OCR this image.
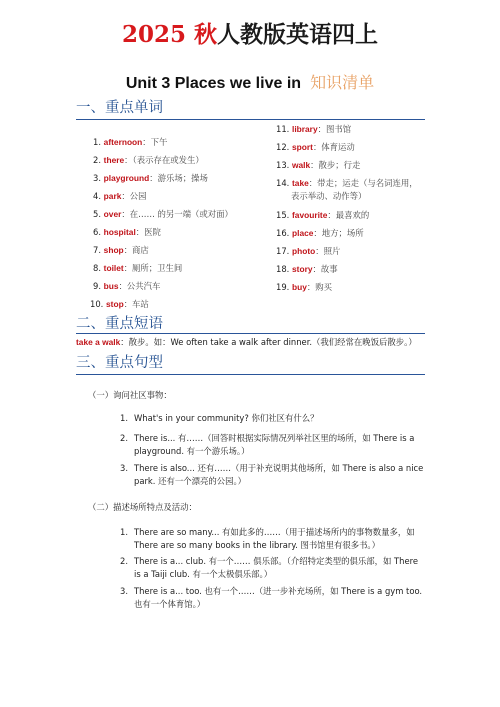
2025 秋人教版英语四上
Unit 3 Places we live in 知识清单
一、重点单词
1. afternoon：下午
2. there：（表示存在或发生）
3. playground：游乐场；操场
4. park：公园
5. over：在…… 的另一端（或对面）
6. hospital：医院
7. shop：商店
8. toilet：厕所；卫生间
9. bus：公共汽车
10. stop：车站
11. library：图书馆
12. sport：体育运动
13. walk：散步；行走
14. take：带走；运走（与名词连用，
表示举动、动作等）
15. favourite：最喜欢的
16. place：地方；场所
17. photo：照片
18. story：故事
19. buy：购买
二、重点短语
take a walk：散步。如：We often take a walk after dinner.（我们经常在晚饭后散步。）
三、重点句型
（一）询问社区事物：
1. What's in your community? 你们社区有什么？
2. There is... 有……（回答时根据实际情况列举社区里的场所，如 There is a
playground. 有一个游乐场。）
3. There is also... 还有……（用于补充说明其他场所，如 There is also a nice
park. 还有一个漂亮的公园。）
（二）描述场所特点及活动：
1. There are so many... 有如此多的……（用于描述场所内的事物数量多，如
There are so many books in the library. 图书馆里有很多书。）
2. There is a... club. 有一个…… 俱乐部。（介绍特定类型的俱乐部，如 There
is a Taiji club. 有一个太极俱乐部。）
3. There is a... too. 也有一个……（进一步补充场所，如 There is a gym too.
也有一个体育馆。）
